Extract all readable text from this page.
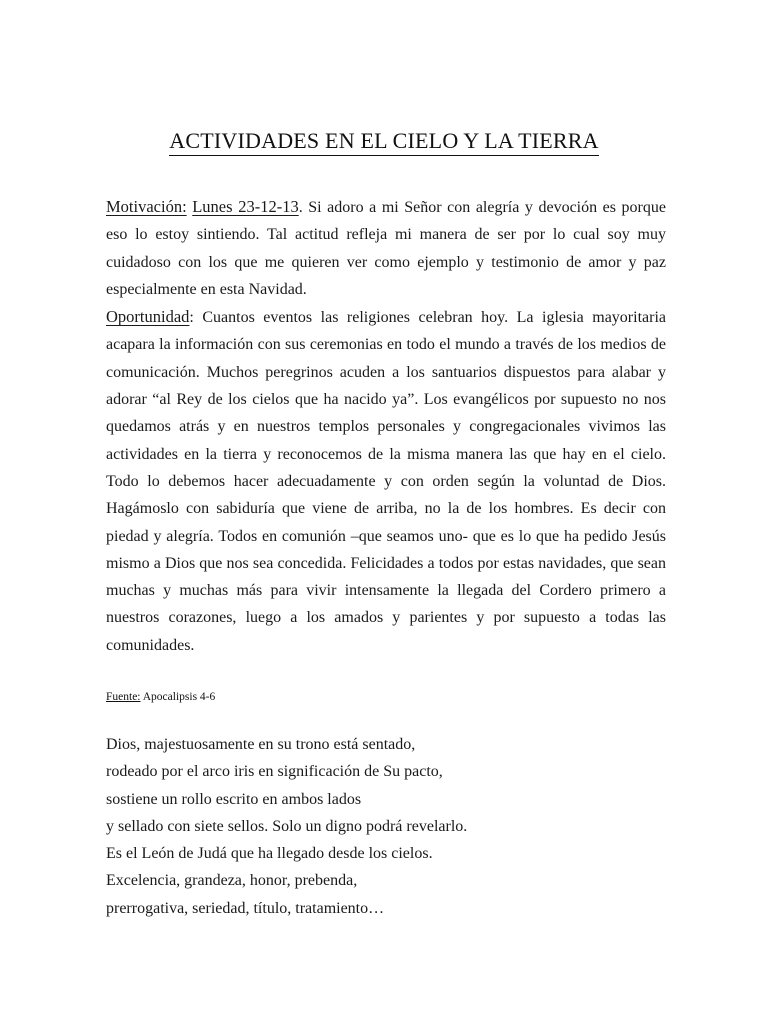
ACTIVIDADES EN EL CIELO Y LA TIERRA

Motivación: Lunes 23-12-13. Si adoro a mi Señor con alegría y devoción es porque eso lo estoy sintiendo. Tal actitud refleja mi manera de ser por lo cual soy muy cuidadoso con los que me quieren ver como ejemplo y testimonio de amor y paz especialmente en esta Navidad.

Oportunidad: Cuantos eventos las religiones celebran hoy. La iglesia mayoritaria acapara la información con sus ceremonias en todo el mundo a través de los medios de comunicación. Muchos peregrinos acuden a los santuarios dispuestos para alabar y adorar “al Rey de los cielos que ha nacido ya”. Los evangélicos por supuesto no nos quedamos atrás y en nuestros templos personales y congregacionales vivimos las actividades en la tierra y reconocemos de la misma manera las que hay en el cielo. Todo lo debemos hacer adecuadamente y con orden según la voluntad de Dios. Hagámoslo con sabiduría que viene de arriba, no la de los hombres. Es decir con piedad y alegría. Todos en comunión –que seamos uno- que es lo que ha pedido Jesús mismo a Dios que nos sea concedida. Felicidades a todos por estas navidades, que sean muchas y muchas más para vivir intensamente la llegada del Cordero primero a nuestros corazones, luego a los amados y parientes y por supuesto a todas las comunidades.

Fuente: Apocalipsis 4-6
Dios, majestuosamente en su trono está sentado,
rodeado por el arco iris en significación de Su pacto,
sostiene un rollo escrito en ambos lados
y sellado con siete sellos. Solo un digno podrá revelarlo.
Es el León de Judá que ha llegado desde los cielos.
Excelencia, grandeza, honor, prebenda,
prerrogativa, seriedad, título, tratamiento…
